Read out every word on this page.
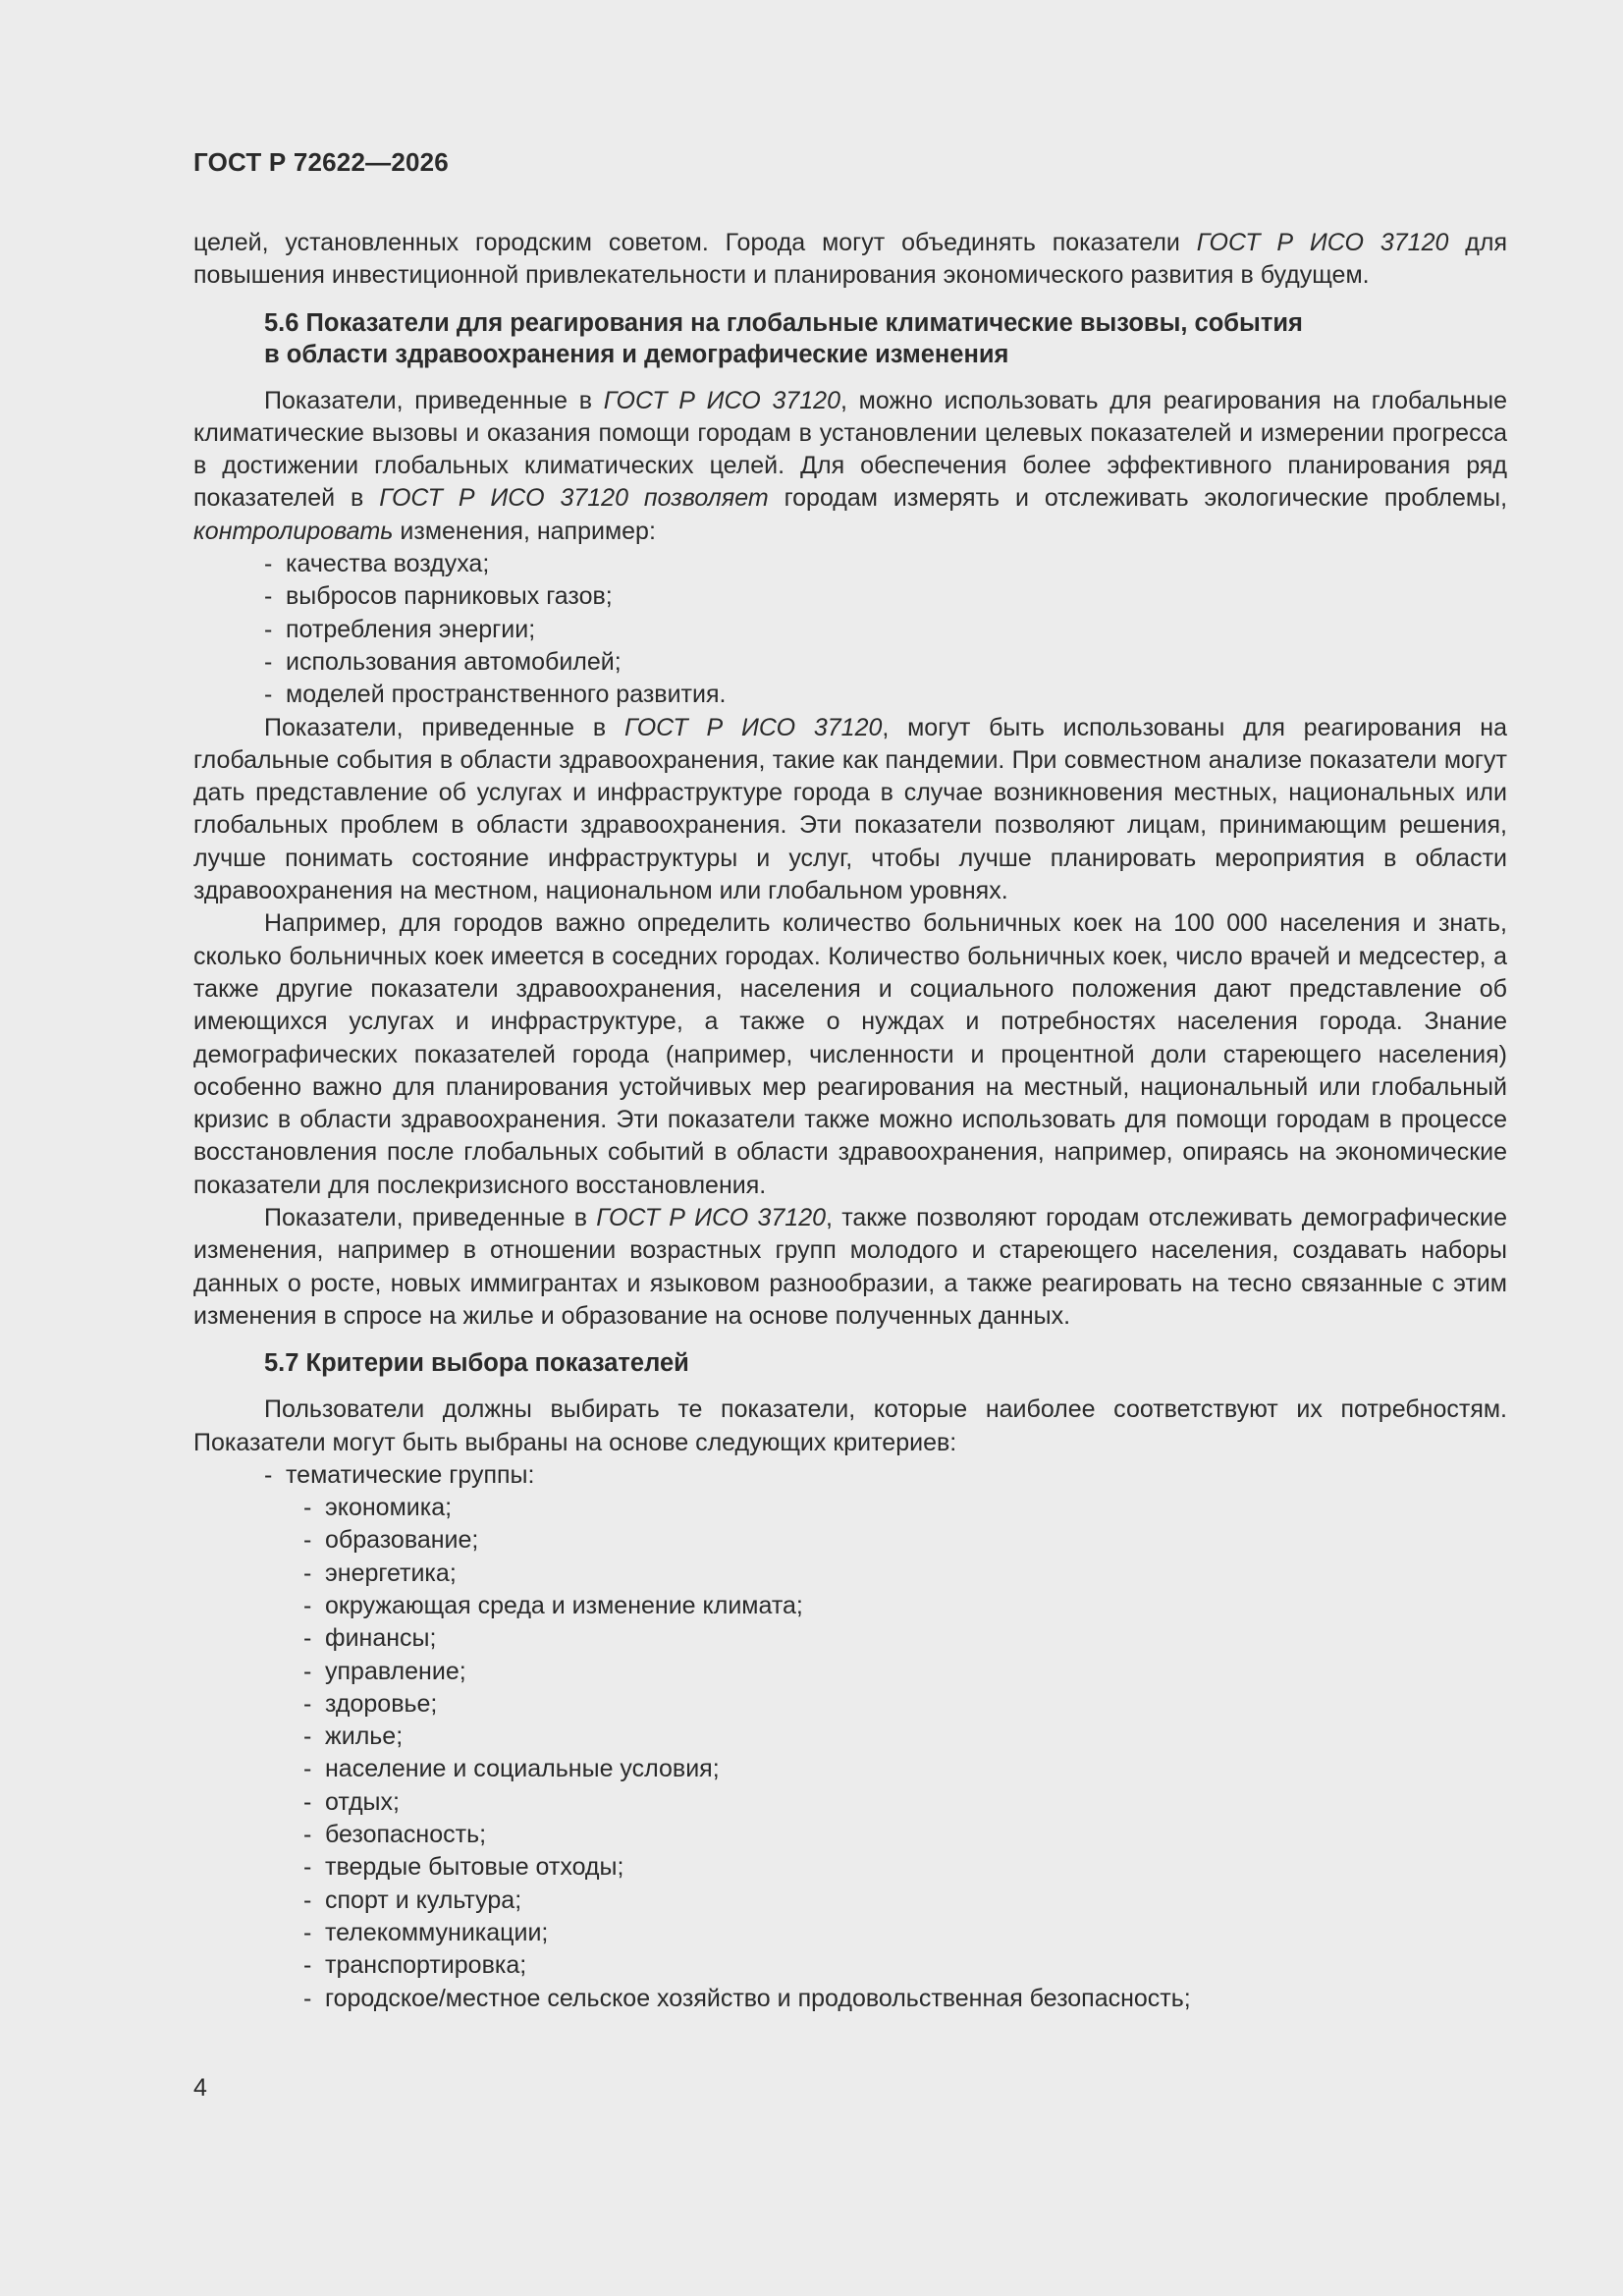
ГОСТ Р 72622—2026

целей, установленных городским советом. Города могут объединять показатели ГОСТ Р ИСО 37120 для повышения инвестиционной привлекательности и планирования экономического развития в будущем.

5.6 Показатели для реагирования на глобальные климатические вызовы, события
в области здравоохранения и демографические изменения

Показатели, приведенные в ГОСТ Р ИСО 37120, можно использовать для реагирования на глобальные климатические вызовы и оказания помощи городам в установлении целевых показателей и измерении прогресса в достижении глобальных климатических целей. Для обеспечения более эффективного планирования ряд показателей в ГОСТ Р ИСО 37120 позволяет городам измерять и отслеживать экологические проблемы, контролировать изменения, например:

- качества воздуха;
- выбросов парниковых газов;
- потребления энергии;
- использования автомобилей;
- моделей пространственного развития.

Показатели, приведенные в ГОСТ Р ИСО 37120, могут быть использованы для реагирования на глобальные события в области здравоохранения, такие как пандемии. При совместном анализе показатели могут дать представление об услугах и инфраструктуре города в случае возникновения местных, национальных или глобальных проблем в области здравоохранения. Эти показатели позволяют лицам, принимающим решения, лучше понимать состояние инфраструктуры и услуг, чтобы лучше планировать мероприятия в области здравоохранения на местном, национальном или глобальном уровнях.

Например, для городов важно определить количество больничных коек на 100 000 населения и знать, сколько больничных коек имеется в соседних городах. Количество больничных коек, число врачей и медсестер, а также другие показатели здравоохранения, населения и социального положения дают представление об имеющихся услугах и инфраструктуре, а также о нуждах и потребностях населения города. Знание демографических показателей города (например, численности и процентной доли стареющего населения) особенно важно для планирования устойчивых мер реагирования на местный, национальный или глобальный кризис в области здравоохранения. Эти показатели также можно использовать для помощи городам в процессе восстановления после глобальных событий в области здравоохранения, например, опираясь на экономические показатели для послекризисного восстановления.

Показатели, приведенные в ГОСТ Р ИСО 37120, также позволяют городам отслеживать демографические изменения, например в отношении возрастных групп молодого и стареющего населения, создавать наборы данных о росте, новых иммигрантах и языковом разнообразии, а также реагировать на тесно связанные с этим изменения в спросе на жилье и образование на основе полученных данных.

5.7 Критерии выбора показателей

Пользователи должны выбирать те показатели, которые наиболее соответствуют их потребностям. Показатели могут быть выбраны на основе следующих критериев:

- тематические группы:
- экономика;
- образование;
- энергетика;
- окружающая среда и изменение климата;
- финансы;
- управление;
- здоровье;
- жилье;
- население и социальные условия;
- отдых;
- безопасность;
- твердые бытовые отходы;
- спорт и культура;
- телекоммуникации;
- транспортировка;
- городское/местное сельское хозяйство и продовольственная безопасность;
4
